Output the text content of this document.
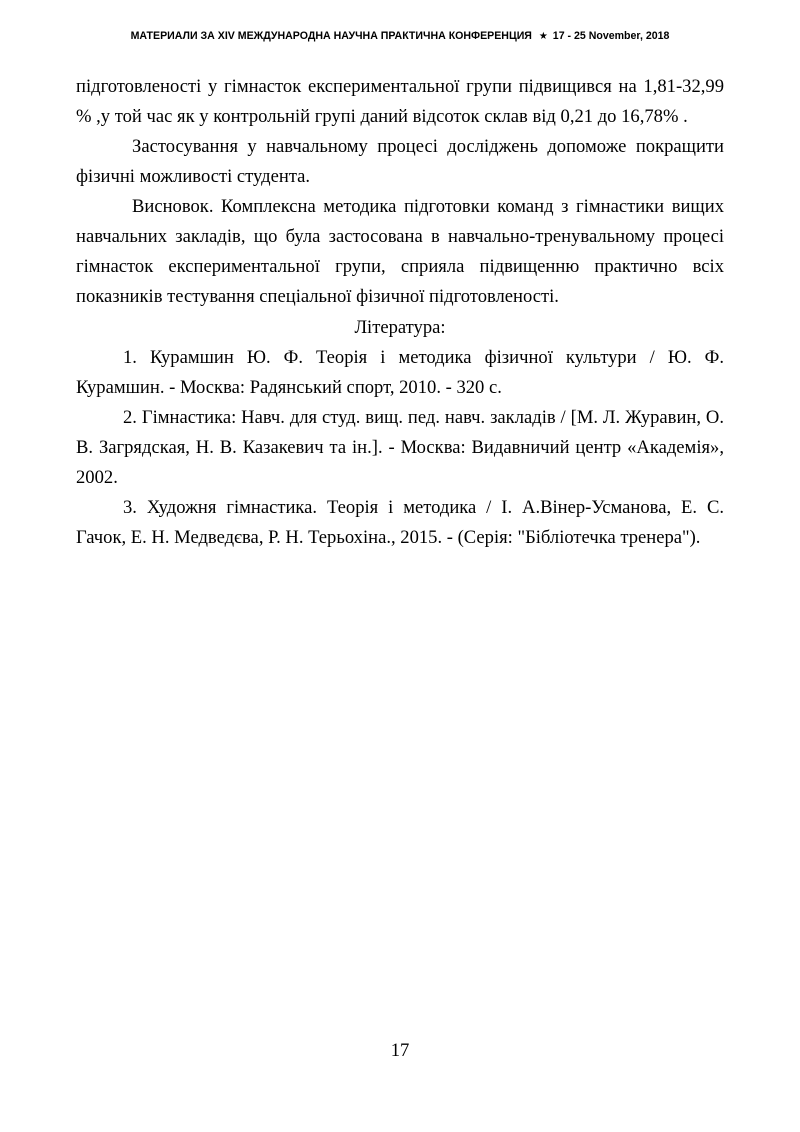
МАТЕРИАЛИ ЗА XIV МЕЖДУНАРОДНА НАУЧНА ПРАКТИЧНА КОНФЕРЕНЦИЯ ★ 17 - 25 November, 2018

підготовленості у гімнасток експериментальної групи підвищився на 1,81-32,99 % ,у той час як у контрольній групі даний відсоток склав від 0,21 до 16,78% .

Застосування у навчальному процесі досліджень допоможе покращити фізичні можливості студента.

Висновок. Комплексна методика підготовки команд з гімнастики вищих навчальних закладів, що була застосована в навчально-тренувальному процесі гімнасток експериментальної групи, сприяла підвищенню практично всіх показників тестування спеціальної фізичної підготовленості.

Література:

1. Курамшин Ю. Ф. Теорія і методика фізичної культури / Ю. Ф. Курамшин. - Москва: Радянський спорт, 2010. - 320 с.

2. Гімнастика: Навч. для студ. вищ. пед. навч. закладів / [М. Л. Журавин, О. В. Загрядская, Н. В. Казакевич та ін.]. - Москва: Видавничий центр «Академія», 2002.

3. Художня гімнастика. Теорія і методика / І. А.Вінер-Усманова, Е. С. Гачок, Е. Н. Медведєва, Р. Н. Терьохіна., 2015. - (Серія: "Бібліотечка тренера").

17
